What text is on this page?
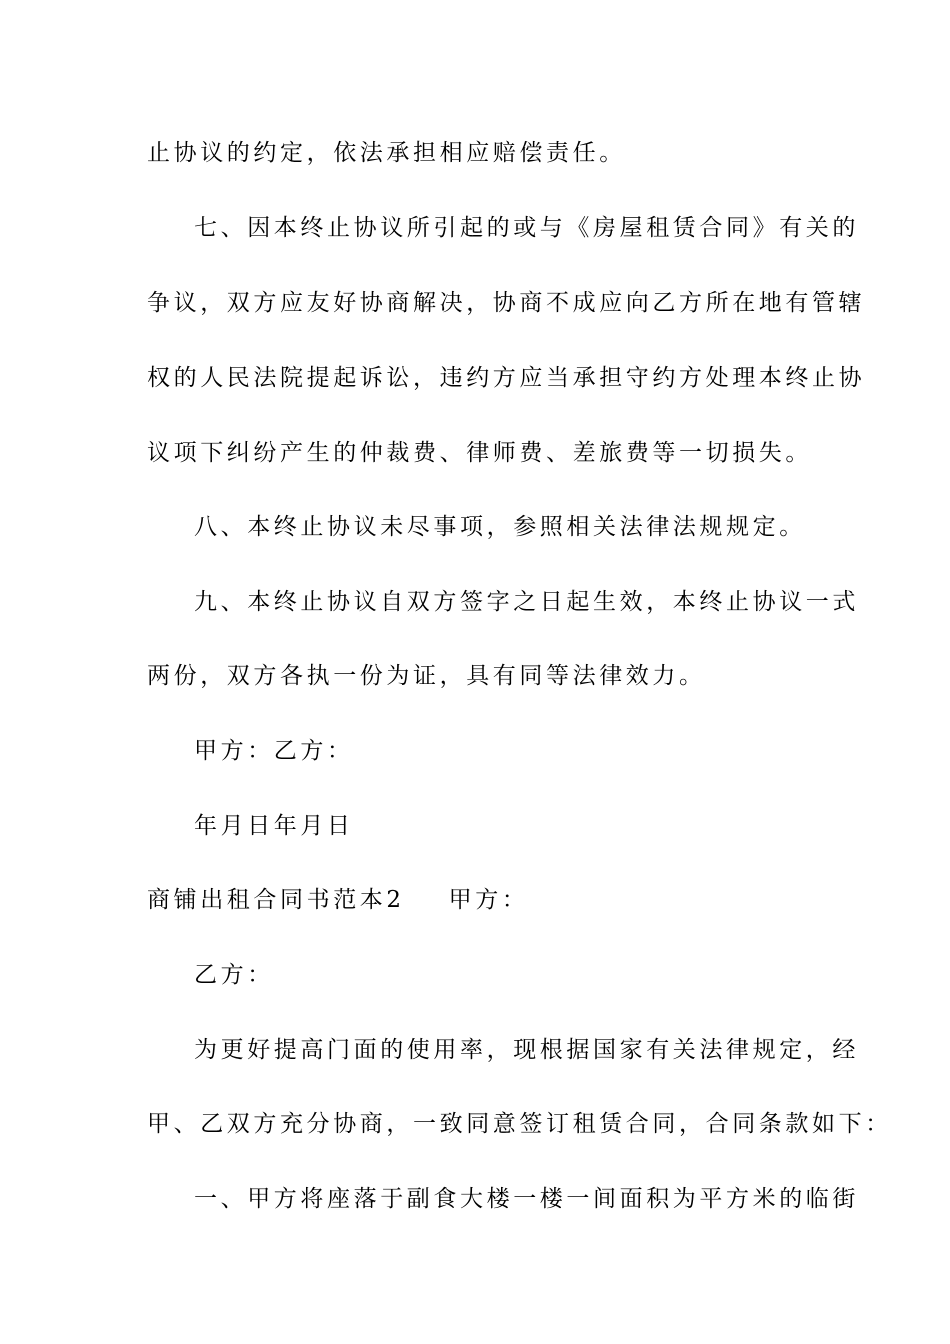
止协议的约定，依法承担相应赔偿责任。
七、因本终止协议所引起的或与《房屋租赁合同》有关的
争议，双方应友好协商解决，协商不成应向乙方所在地有管辖
权的人民法院提起诉讼，违约方应当承担守约方处理本终止协
议项下纠纷产生的仲裁费、律师费、差旅费等一切损失。
八、本终止协议未尽事项，参照相关法律法规规定。
九、本终止协议自双方签字之日起生效，本终止协议一式
两份，双方各执一份为证，具有同等法律效力。
甲方：乙方：
年月日年月日
商铺出租合同书范本2 甲方：
乙方：
为更好提高门面的使用率，现根据国家有关法律规定，经
甲、乙双方充分协商，一致同意签订租赁合同，合同条款如下：
一、甲方将座落于副食大楼一楼一间面积为平方米的临街
